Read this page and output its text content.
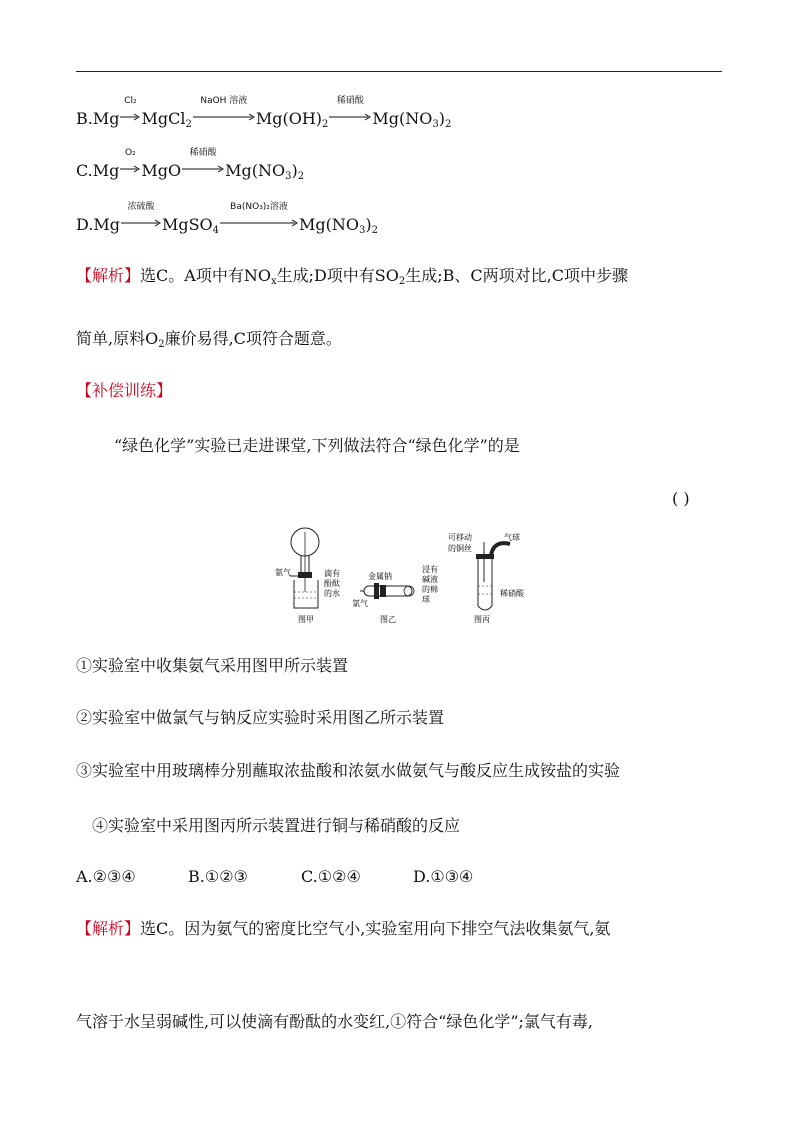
B.Mg
Cl₂
MgCl$_2$
NaOH 溶液
$Mg(OH)_2$
稀硝酸
$Mg(NO_3)_2$
C.Mg
O₂
MgO
稀硝酸
$Mg(NO_3)_2$
D.Mg
浓硫酸
MgSO$_4$
Ba(NO₃)₂溶液
$Mg(NO_3)_2$
【解析】选C。A项中有$NO_x$生成;D项中有$SO_2$生成;B、C两项对比,C项中步骤
简单,原料$O_2$廉价易得,C项符合题意。
【补偿训练】
“绿色化学”实验已走进课堂,下列做法符合“绿色化学”的是
( )
氨气	滴有
酚酞
的水
图甲
金属钠
氯气
浸有
碱液
的棉
球
图乙
可移动
的铜丝
气球
稀硝酸
图丙
①实验室中收集氨气采用图甲所示装置
②实验室中做氯气与钠反应实验时采用图乙所示装置
③实验室中用玻璃棒分别蘸取浓盐酸和浓氨水做氨气与酸反应生成铵盐的实验
④实验室中采用图丙所示装置进行铜与稀硝酸的反应
A.②③④	B.①②③	C.①②④	D.①③④
【解析】选C。因为氨气的密度比空气小,实验室用向下排空气法收集氨气,氨
气溶于水呈弱碱性,可以使滴有酚酞的水变红,①符合“绿色化学”;氯气有毒,
